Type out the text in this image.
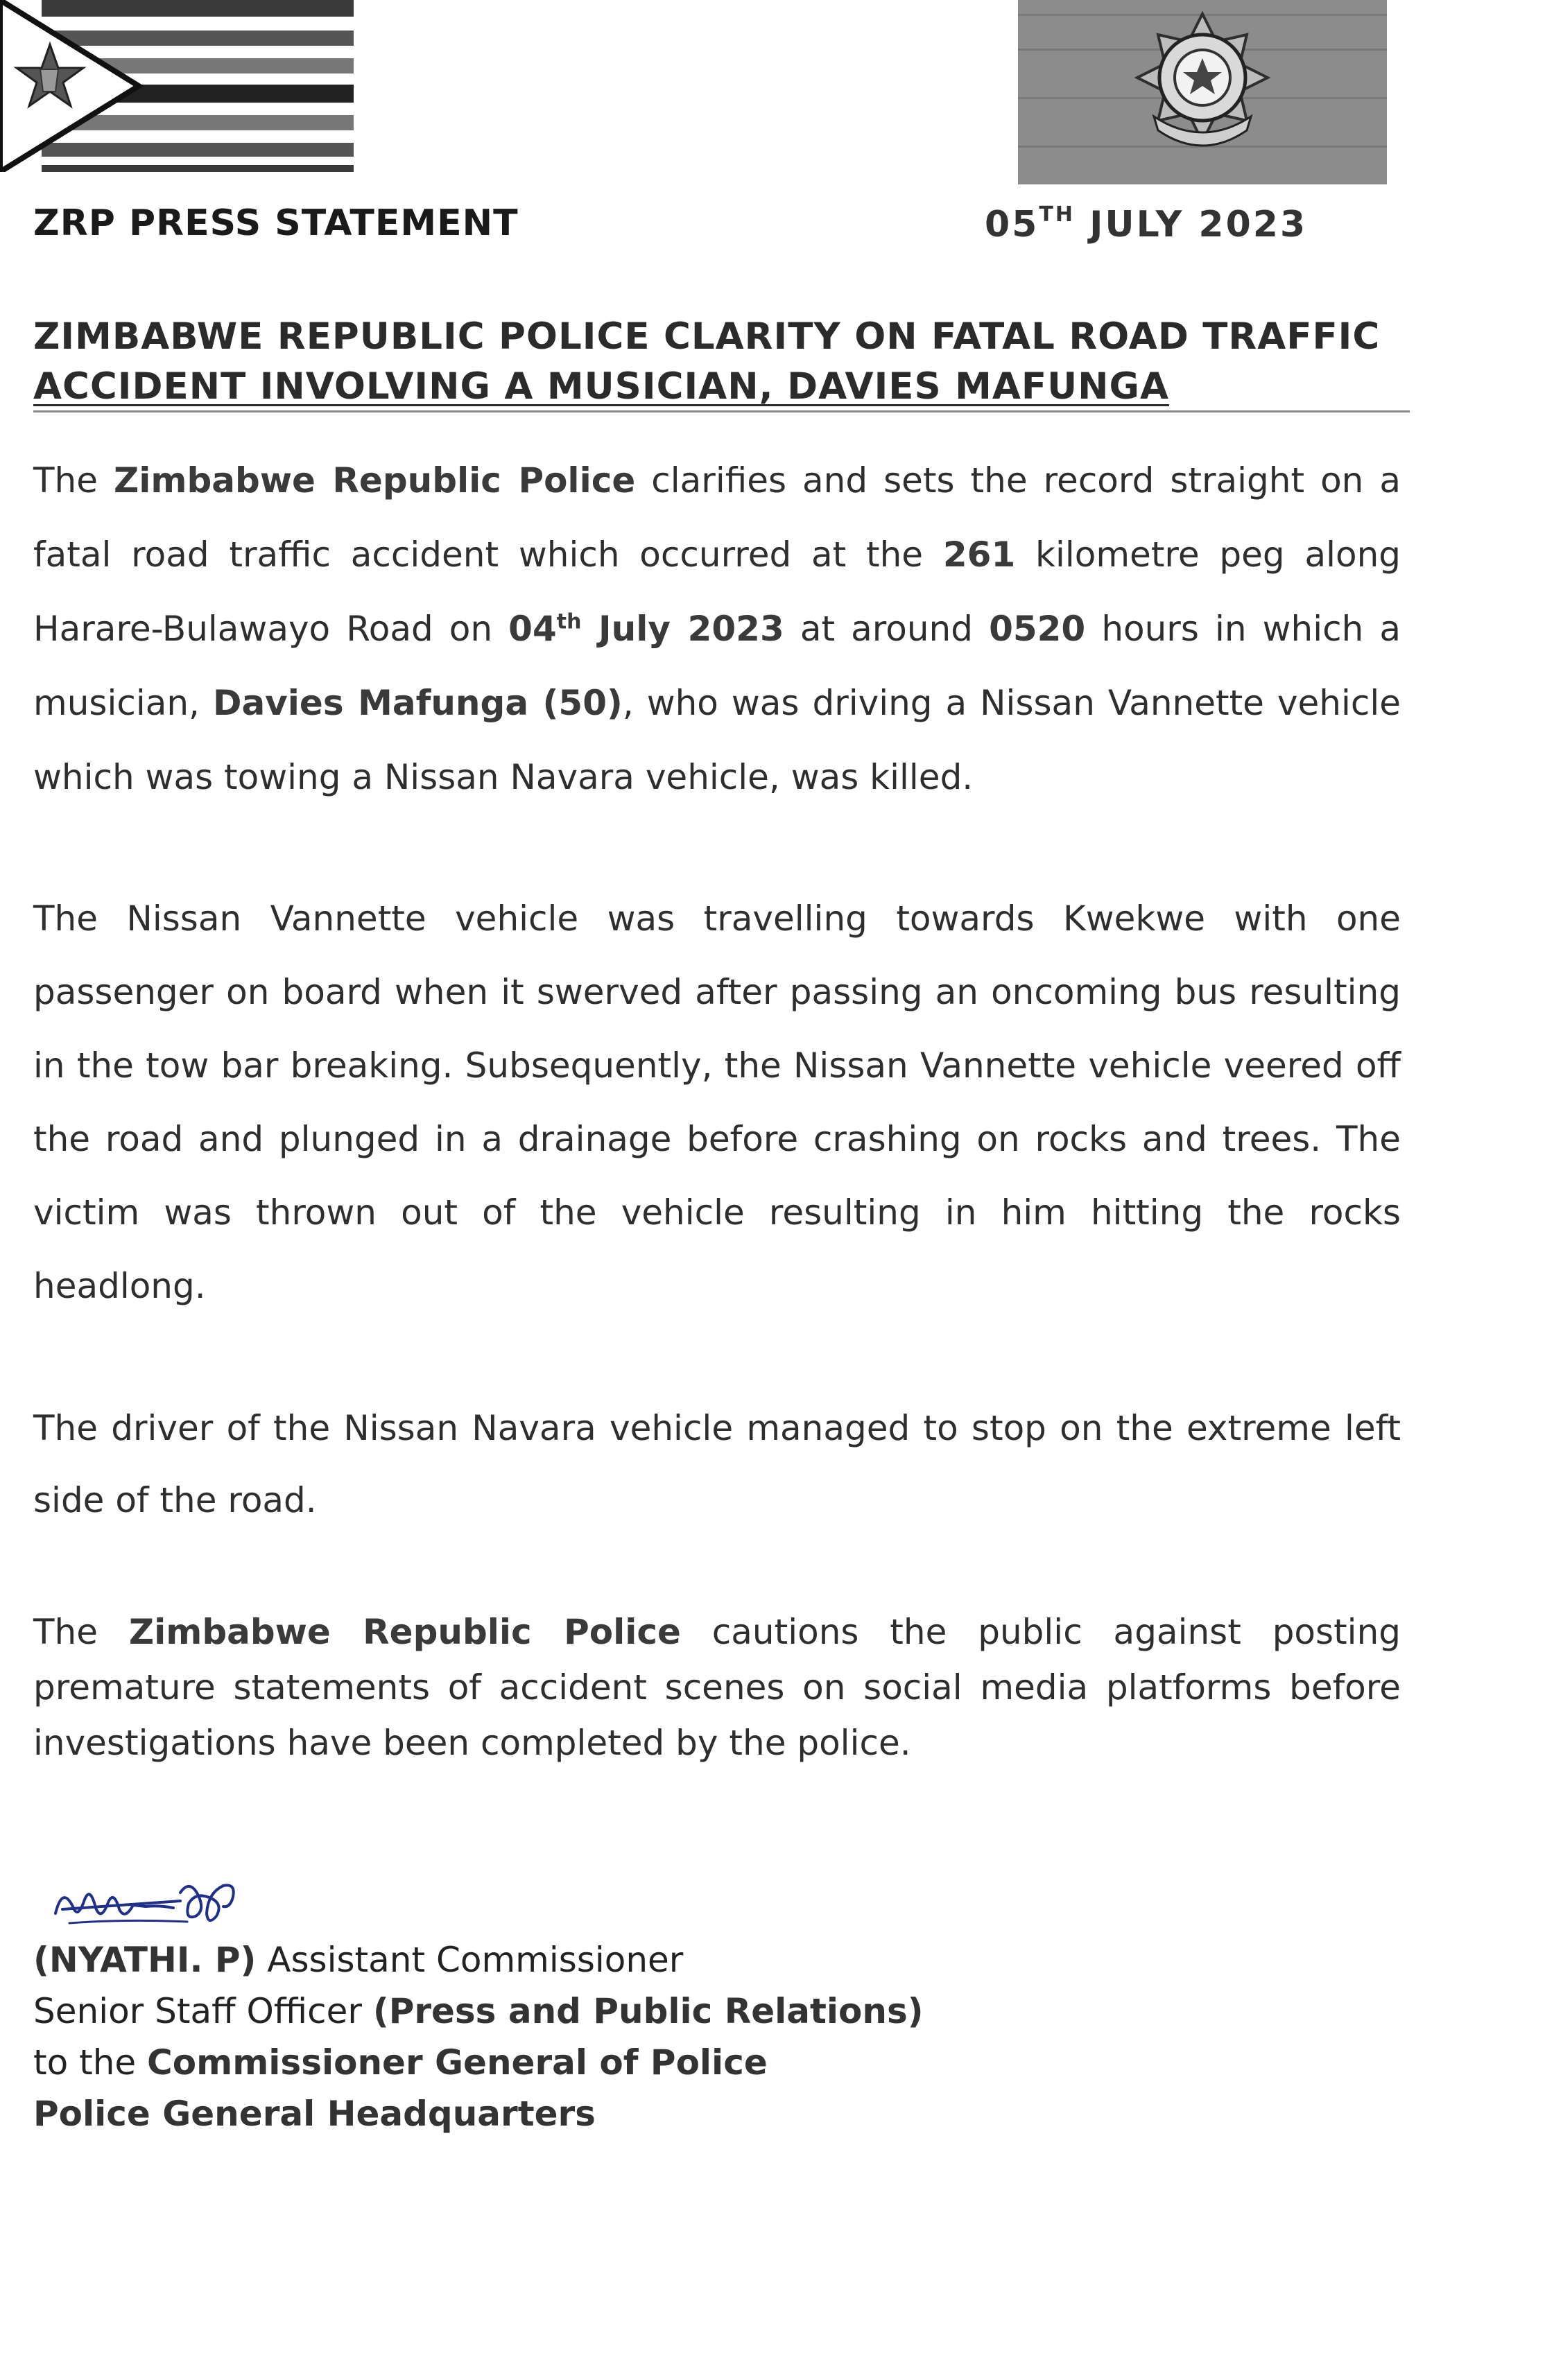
ZRP PRESS STATEMENT	05TH JULY 2023
ZIMBABWE REPUBLIC POLICE CLARITY ON FATAL ROAD TRAFFIC
ACCIDENT INVOLVING A MUSICIAN, DAVIES MAFUNGA

The Zimbabwe Republic Police clarifies and sets the record straight on a fatal road traffic accident which occurred at the 261 kilometre peg along Harare-Bulawayo Road on 04th July 2023 at around 0520 hours in which a musician, Davies Mafunga (50), who was driving a Nissan Vannette vehicle which was towing a Nissan Navara vehicle, was killed.

The Nissan Vannette vehicle was travelling towards Kwekwe with one passenger on board when it swerved after passing an oncoming bus resulting in the tow bar breaking. Subsequently, the Nissan Vannette vehicle veered off the road and plunged in a drainage before crashing on rocks and trees. The victim was thrown out of the vehicle resulting in him hitting the rocks headlong.

The driver of the Nissan Navara vehicle managed to stop on the extreme left side of the road.

The Zimbabwe Republic Police cautions the public against posting premature statements of accident scenes on social media platforms before investigations have been completed by the police.

(NYATHI. P) Assistant Commissioner
Senior Staff Officer (Press and Public Relations)
to the Commissioner General of Police
Police General Headquarters
